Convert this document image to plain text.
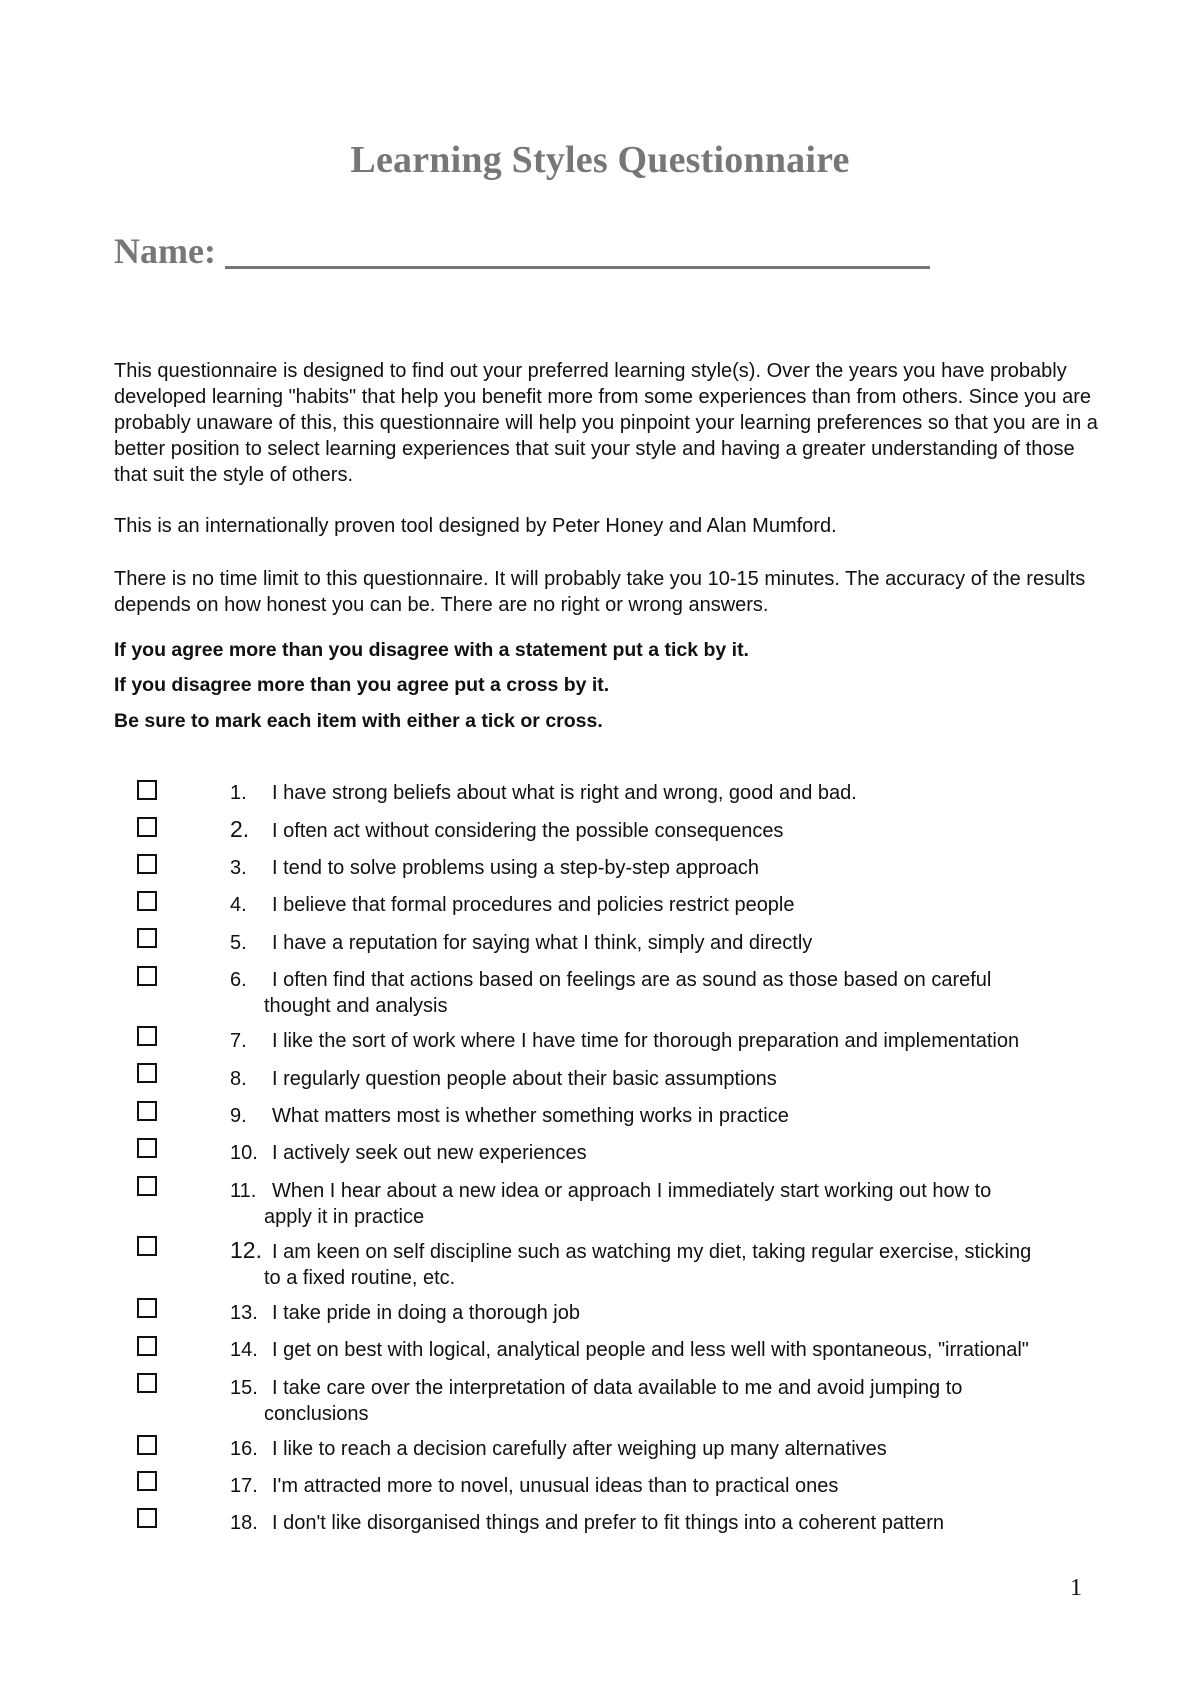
Learning Styles Questionnaire
Name:
This questionnaire is designed to find out your preferred learning style(s). Over the years you have probably developed learning "habits" that help you benefit more from some experiences than from others. Since you are probably unaware of this, this questionnaire will help you pinpoint your learning preferences so that you are in a better position to select learning experiences that suit your style and having a greater understanding of those that suit the style of others.
This is an internationally proven tool designed by Peter Honey and Alan Mumford.
There is no time limit to this questionnaire. It will probably take you 10-15 minutes. The accuracy of the results depends on how honest you can be. There are no right or wrong answers.
If you agree more than you disagree with a statement put a tick by it.
If you disagree more than you agree put a cross by it.
Be sure to mark each item with either a tick or cross.
1.	I have strong beliefs about what is right and wrong, good and bad.
2.	I often act without considering the possible consequences
3.	I tend to solve problems using a step-by-step approach
4.	I believe that formal procedures and policies restrict people
5.	I have a reputation for saying what I think, simply and directly
6.	I often find that actions based on feelings are as sound as those based on careful
thought and analysis
7.	I like the sort of work where I have time for thorough preparation and implementation
8.	I regularly question people about their basic assumptions
9.	What matters most is whether something works in practice
10. I actively seek out new experiences
11. When I hear about a new idea or approach I immediately start working out how to
apply it in practice
12. I am keen on self discipline such as watching my diet, taking regular exercise, sticking
to a fixed routine, etc.
13. I take pride in doing a thorough job
14. I get on best with logical, analytical people and less well with spontaneous, "irrational"
15. I take care over the interpretation of data available to me and avoid jumping to
conclusions
16. I like to reach a decision carefully after weighing up many alternatives
17. I'm attracted more to novel, unusual ideas than to practical ones
18. I don't like disorganised things and prefer to fit things into a coherent pattern
1
